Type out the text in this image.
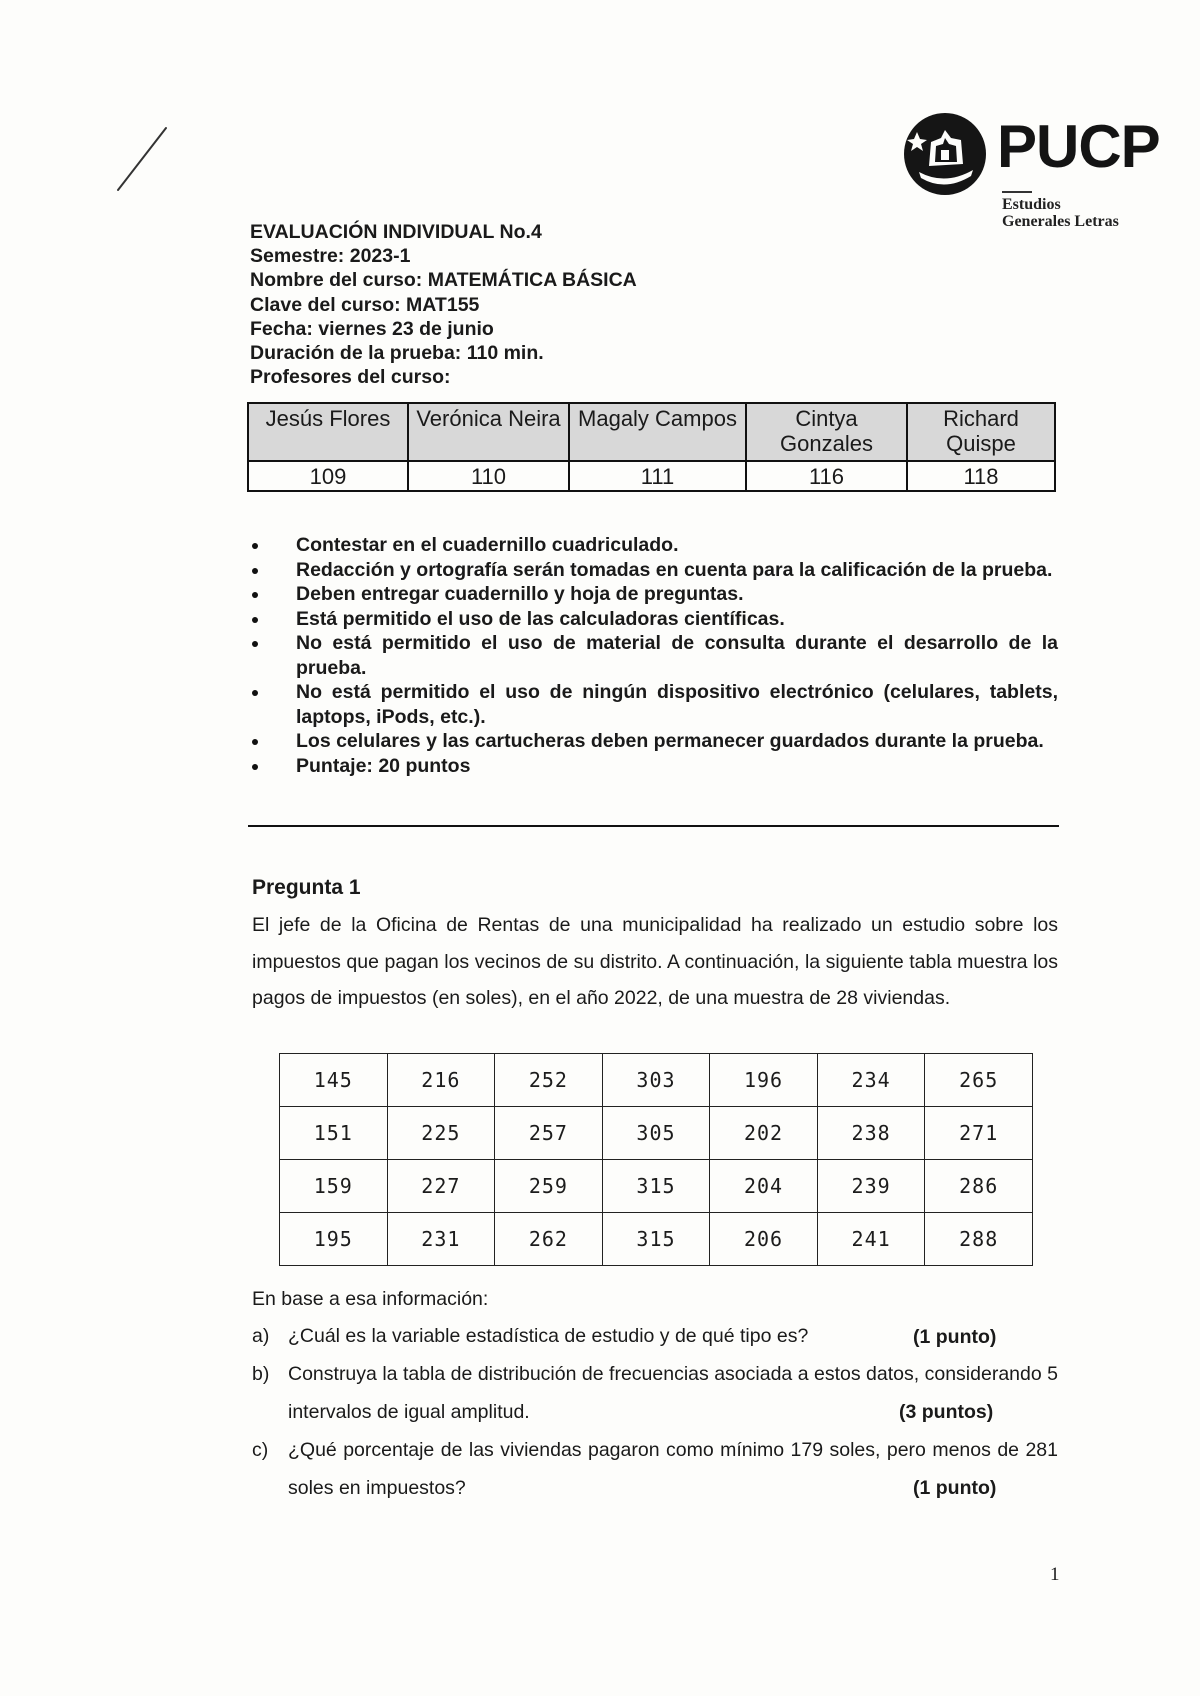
PUCP
Estudios
Generales Letras
EVALUACIÓN INDIVIDUAL No.4
Semestre: 2023-1
Nombre del curso: MATEMÁTICA BÁSICA
Clave del curso: MAT155
Fecha: viernes 23 de junio
Duración de la prueba: 110 min.
Profesores del curso:
Jesús Flores	Verónica Neira	Magaly Campos	Cintya Gonzales	Richard Quispe
109	110	111	116	118
Contestar en el cuadernillo cuadriculado.
Redacción y ortografía serán tomadas en cuenta para la calificación de la prueba.
Deben entregar cuadernillo y hoja de preguntas.
Está permitido el uso de las calculadoras científicas.
No está permitido el uso de material de consulta durante el desarrollo de la prueba.
No está permitido el uso de ningún dispositivo electrónico (celulares, tablets, laptops, iPods, etc.).
Los celulares y las cartucheras deben permanecer guardados durante la prueba.
Puntaje: 20 puntos
Pregunta 1
El jefe de la Oficina de Rentas de una municipalidad ha realizado un estudio sobre los impuestos que pagan los vecinos de su distrito. A continuación, la siguiente tabla muestra los pagos de impuestos (en soles), en el año 2022, de una muestra de 28 viviendas.
145	216	252	303	196	234	265
151	225	257	305	202	238	271
159	227	259	315	204	239	286
195	231	262	315	206	241	288
En base a esa información:
a) ¿Cuál es la variable estadística de estudio y de qué tipo es?	(1 punto)
b) Construya la tabla de distribución de frecuencias asociada a estos datos, considerando 5 intervalos de igual amplitud.	(3 puntos)
c)	¿Qué porcentaje de las viviendas pagaron como mínimo 179 soles, pero menos de 281 soles en impuestos?	(1 punto)
1
